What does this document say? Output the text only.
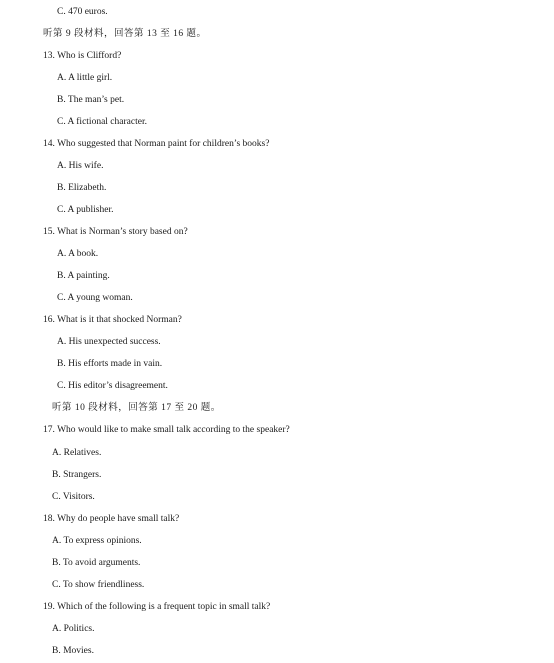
C. 470 euros.
听第 9 段材料，回答第 13 至 16 题。
13. Who is Clifford?
A. A little girl.
B. The man’s pet.
C. A fictional character.
14. Who suggested that Norman paint for children’s books?
A. His wife.
B. Elizabeth.
C. A publisher.
15. What is Norman’s story based on?
A. A book.
B. A painting.
C. A young woman.
16. What is it that shocked Norman?
A. His unexpected success.
B. His efforts made in vain.
C. His editor’s disagreement.
听第 10 段材料，回答第 17 至 20 题。
17. Who would like to make small talk according to the speaker?
A. Relatives.
B. Strangers.
C. Visitors.
18. Why do people have small talk?
A. To express opinions.
B. To avoid arguments.
C. To show friendliness.
19. Which of the following is a frequent topic in small talk?
A. Politics.
B. Movies.
